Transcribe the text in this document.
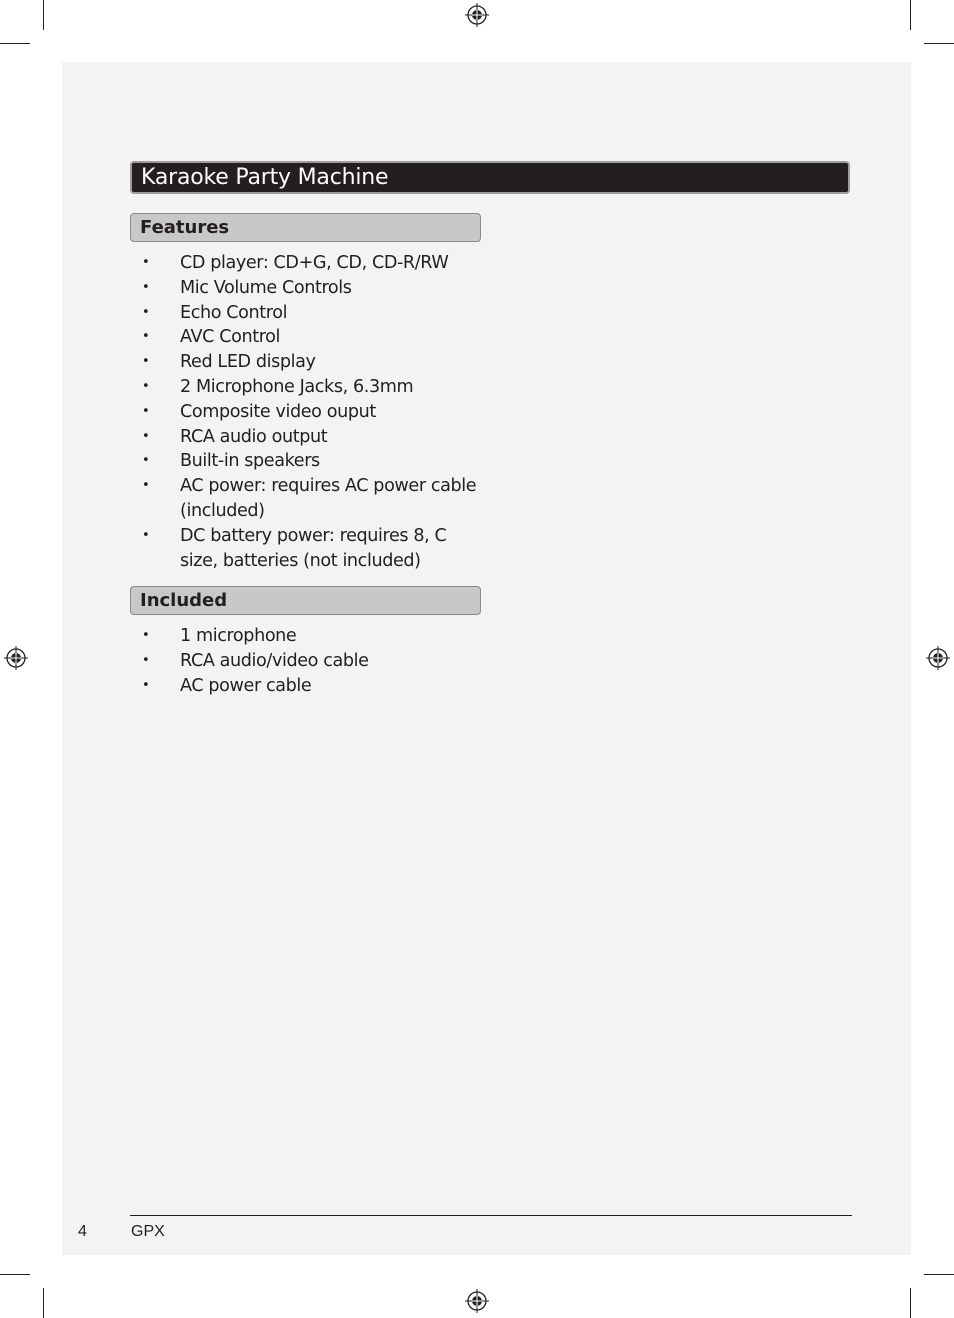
Karaoke Party Machine
Features
• CD player: CD+G, CD, CD-R/RW
• Mic Volume Controls
• Echo Control
• AVC Control
• Red LED display
• 2 Microphone Jacks, 6.3mm
• Composite video ouput
• RCA audio output
• Built-in speakers
• AC power: requires AC power cable
(included)
• DC battery power: requires 8, C
size, batteries (not included)
Included
• 1 microphone
• RCA audio/video cable
• AC power cable
4	GPX
